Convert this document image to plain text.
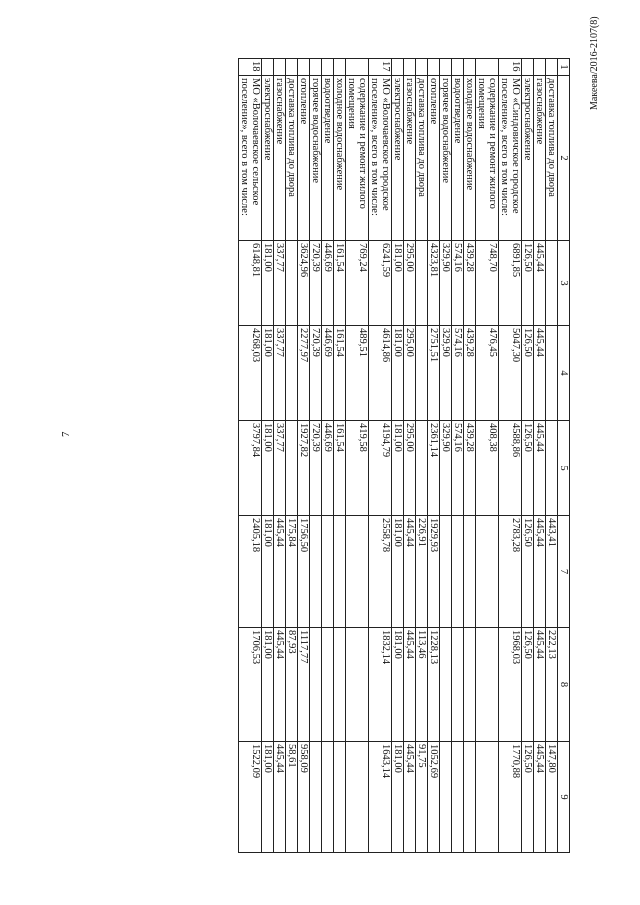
7
Макеева/2016-2107(8)
1	2	3	4	5	7	8	9
	доставка топлива до двора				443,41	222,13	147,80
	газоснабжение	445,44	445,44	445,44	445,44	445,44	445,44
	электроснабжение	126,50	126,50	126,50	126,50	126,50	126,50
16	МО «Синдовичское городское поселение», всего в том числе:	6891,85	5047,30	4588,86	2783,28	1968,03	1770,88
	содержание и ремонт жилого помещения	748,70	476,45	408,38			
	холодное водоснабжение	439,28	439,28	439,28			
	водоотведение	574,16	574,16	574,16			
	горячее водоснабжение	329,90	329,90	329,90			
	отопление	4323,81	2751,51	2361,14	1929,93	1228,13	1052,69
	доставка топлива до двора				226,91	113,46	91,75
	газоснабжение	295,00	295,00	295,00	445,44	445,44	445,44
	электроснабжение	181,00	181,00	181,00	181,00	181,00	181,00
17	МО «Волочаевское городское поселение», всего в том числе:	6241,59	4614,86	4194,79	2558,78	1832,14	1643,14
	содержание и ремонт жилого помещения	769,24	489,51	419,58			
	холодное водоснабжение	161,54	161,54	161,54			
	водоотведение	446,69	446,69	446,69			
	горячее водоснабжение	720,39	720,39	720,39			
	отопление	3624,96	2277,97	1927,82	1756,50	1117,77	958,09
	доставка топлива до двора				175,84	87,93	58,61
	газоснабжение	337,77	337,77	337,77	445,44	445,44	445,44
	электроснабжение	181,00	181,00	181,00	181,00	181,00	181,00
18	МО «Волочаевское сельское поселение», всего в том числе:	6148,81	4268,03	3797,84	2405,18	1706,53	1522,09
